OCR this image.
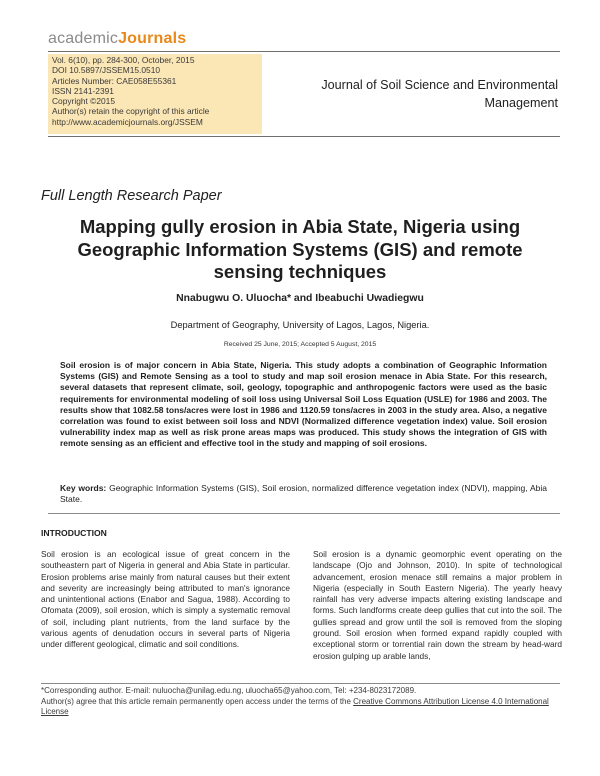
academicJournals
Vol. 6(10), pp. 284-300, October, 2015
DOI 10.5897/JSSEM15.0510
Articles Number: CAE058E55361
ISSN 2141-2391
Copyright ©2015
Author(s) retain the copyright of this article
http://www.academicjournals.org/JSSEM
Journal of Soil Science and Environmental
Management
Full Length Research Paper
Mapping gully erosion in Abia State, Nigeria using
Geographic Information Systems (GIS) and remote
sensing techniques
Nnabugwu O. Uluocha* and Ibeabuchi Uwadiegwu
Department of Geography, University of Lagos, Lagos, Nigeria.
Received 25 June, 2015; Accepted 5 August, 2015
Soil erosion is of major concern in Abia State, Nigeria. This study adopts a combination of Geographic Information Systems (GIS) and Remote Sensing as a tool to study and map soil erosion menace in Abia State. For this research, several datasets that represent climate, soil, geology, topographic and anthropogenic factors were used as the basic requirements for environmental modeling of soil loss using Universal Soil Loss Equation (USLE) for 1986 and 2003. The results show that 1082.58 tons/acres were lost in 1986 and 1120.59 tons/acres in 2003 in the study area. Also, a negative correlation was found to exist between soil loss and NDVI (Normalized difference vegetation index) value. Soil erosion vulnerability index map as well as risk prone areas maps was produced. This study shows the integration of GIS with remote sensing as an efficient and effective tool in the study and mapping of soil erosions.
Key words: Geographic Information Systems (GIS), Soil erosion, normalized difference vegetation index (NDVI), mapping, Abia State.
INTRODUCTION
Soil erosion is an ecological issue of great concern in the southeastern part of Nigeria in general and Abia State in particular. Erosion problems arise mainly from natural causes but their extent and severity are increasingly being attributed to man's ignorance and unintentional actions (Enabor and Sagua, 1988). According to Ofomata (2009), soil erosion, which is simply a systematic removal of soil, including plant nutrients, from the land surface by the various agents of denudation occurs in several parts of Nigeria under different geological, climatic and soil conditions.
Soil erosion is a dynamic geomorphic event operating on the landscape (Ojo and Johnson, 2010). In spite of technological advancement, erosion menace still remains a major problem in Nigeria (especially in South Eastern Nigeria). The yearly heavy rainfall has very adverse impacts altering existing landscape and forms. Such landforms create deep gullies that cut into the soil. The gullies spread and grow until the soil is removed from the sloping ground. Soil erosion when formed expand rapidly coupled with exceptional storm or torrential rain down the stream by head-ward erosion gulping up arable lands,
*Corresponding author. E-mail: nuluocha@unilag.edu.ng, uluocha65@yahoo.com, Tel: +234-8023172089.
Author(s) agree that this article remain permanently open access under the terms of the Creative Commons Attribution License 4.0 International License
